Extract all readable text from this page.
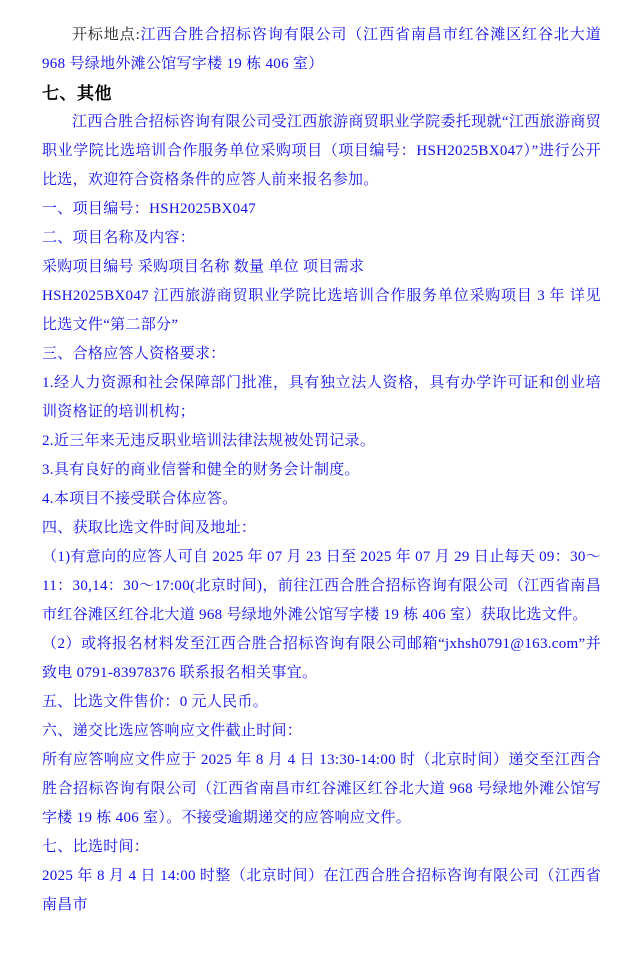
开标地点:江西合胜合招标咨询有限公司（江西省南昌市红谷滩区红谷北大道 968 号绿地外滩公馆写字楼 19 栋 406 室）

七、其他

江西合胜合招标咨询有限公司受江西旅游商贸职业学院委托现就“江西旅游商贸职业学院比选培训合作服务单位采购项目（项目编号：HSH2025BX047）”进行公开比选，欢迎符合资格条件的应答人前来报名参加。

一、项目编号：HSH2025BX047

二、项目名称及内容：

采购项目编号 采购项目名称 数量 单位 项目需求

HSH2025BX047 江西旅游商贸职业学院比选培训合作服务单位采购项目 3 年 详见比选文件“第二部分”

三、合格应答人资格要求：

1.经人力资源和社会保障部门批准，具有独立法人资格，具有办学许可证和创业培训资格证的培训机构；

2.近三年来无违反职业培训法律法规被处罚记录。

3.具有良好的商业信誉和健全的财务会计制度。

4.本项目不接受联合体应答。

四、获取比选文件时间及地址：

（1)有意向的应答人可自 2025 年 07 月 23 日至 2025 年 07 月 29 日止每天 09：30～11：30,14：30～17:00(北京时间)，前往江西合胜合招标咨询有限公司（江西省南昌市红谷滩区红谷北大道 968 号绿地外滩公馆写字楼 19 栋 406 室）获取比选文件。

（2）或将报名材料发至江西合胜合招标咨询有限公司邮箱“jxhsh0791@163.com”并致电 0791-83978376 联系报名相关事宜。

五、比选文件售价：0 元人民币。

六、递交比选应答响应文件截止时间：

所有应答响应文件应于 2025 年 8 月 4 日 13:30-14:00 时（北京时间）递交至江西合胜合招标咨询有限公司（江西省南昌市红谷滩区红谷北大道 968 号绿地外滩公馆写字楼 19 栋 406 室）。不接受逾期递交的应答响应文件。

七、比选时间：

2025 年 8 月 4 日 14:00 时整（北京时间）在江西合胜合招标咨询有限公司（江西省南昌市
